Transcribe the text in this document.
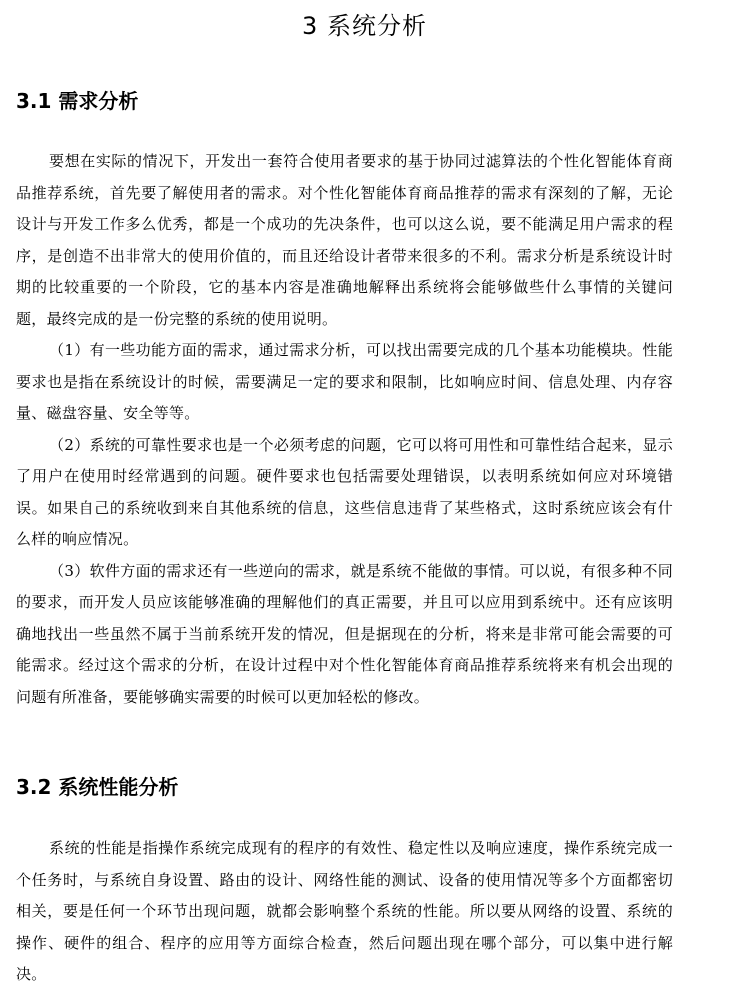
3 系统分析
3.1 需求分析

要想在实际的情况下，开发出一套符合使用者要求的基于协同过滤算法的个性化智能体育商品推荐系统，首先要了解使用者的需求。对个性化智能体育商品推荐的需求有深刻的了解，无论设计与开发工作多么优秀，都是一个成功的先决条件，也可以这么说，要不能满足用户需求的程序，是创造不出非常大的使用价值的，而且还给设计者带来很多的不利。需求分析是系统设计时期的比较重要的一个阶段，它的基本内容是准确地解释出系统将会能够做些什么事情的关键问题，最终完成的是一份完整的系统的使用说明。

（1）有一些功能方面的需求，通过需求分析，可以找出需要完成的几个基本功能模块。性能要求也是指在系统设计的时候，需要满足一定的要求和限制，比如响应时间、信息处理、内存容量、磁盘容量、安全等等。

（2）系统的可靠性要求也是一个必须考虑的问题，它可以将可用性和可靠性结合起来，显示了用户在使用时经常遇到的问题。硬件要求也包括需要处理错误，以表明系统如何应对环境错误。如果自己的系统收到来自其他系统的信息，这些信息违背了某些格式，这时系统应该会有什么样的响应情况。

（3）软件方面的需求还有一些逆向的需求，就是系统不能做的事情。可以说，有很多种不同的要求，而开发人员应该能够准确的理解他们的真正需要，并且可以应用到系统中。还有应该明确地找出一些虽然不属于当前系统开发的情况，但是据现在的分析，将来是非常可能会需要的可能需求。经过这个需求的分析，在设计过程中对个性化智能体育商品推荐系统将来有机会出现的问题有所准备，要能够确实需要的时候可以更加轻松的修改。

3.2 系统性能分析

系统的性能是指操作系统完成现有的程序的有效性、稳定性以及响应速度，操作系统完成一个任务时，与系统自身设置、路由的设计、网络性能的测试、设备的使用情况等多个方面都密切相关，要是任何一个环节出现问题，就都会影响整个系统的性能。所以要从网络的设置、系统的操作、硬件的组合、程序的应用等方面综合检查，然后问题出现在哪个部分，可以集中进行解决。
